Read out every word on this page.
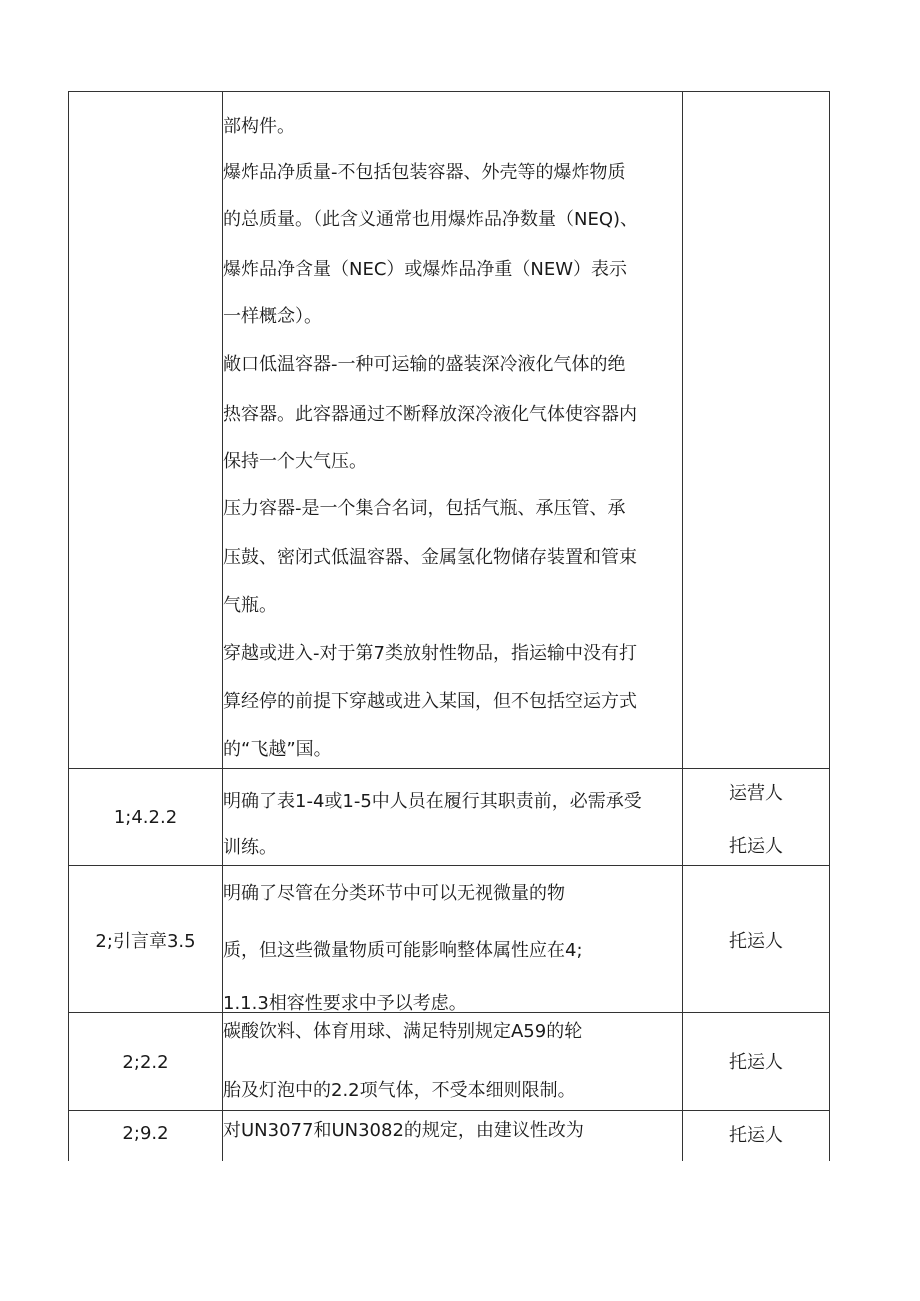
部构件。
爆炸品净质量-不包括包装容器、外壳等的爆炸物质
的总质量。（此含义通常也用爆炸品净数量（NEQ)、
爆炸品净含量（NEC）或爆炸品净重（NEW）表示
一样概念）。
敞口低温容器-一种可运输的盛装深冷液化气体的绝
热容器。此容器通过不断释放深冷液化气体使容器内
保持一个大气压。
压力容器-是一个集合名词，包括气瓶、承压管、承
压鼓、密闭式低温容器、金属氢化物储存装置和管束
气瓶。
穿越或进入-对于第7类放射性物品，指运输中没有打
算经停的前提下穿越或进入某国，但不包括空运方式
的“飞越”国。
1;4.2.2
明确了表1-4或1-5中人员在履行其职责前，必需承受
训练。
运营人
托运人
2;引言章3.5
明确了尽管在分类环节中可以无视微量的物
质，但这些微量物质可能影响整体属性应在4;
1.1.3相容性要求中予以考虑。
托运人
2;2.2
碳酸饮料、体育用球、满足特别规定A59的轮
胎及灯泡中的2.2项气体，不受本细则限制。
托运人
2;9.2	对UN3077和UN3082的规定，由建议性改为	托运人
